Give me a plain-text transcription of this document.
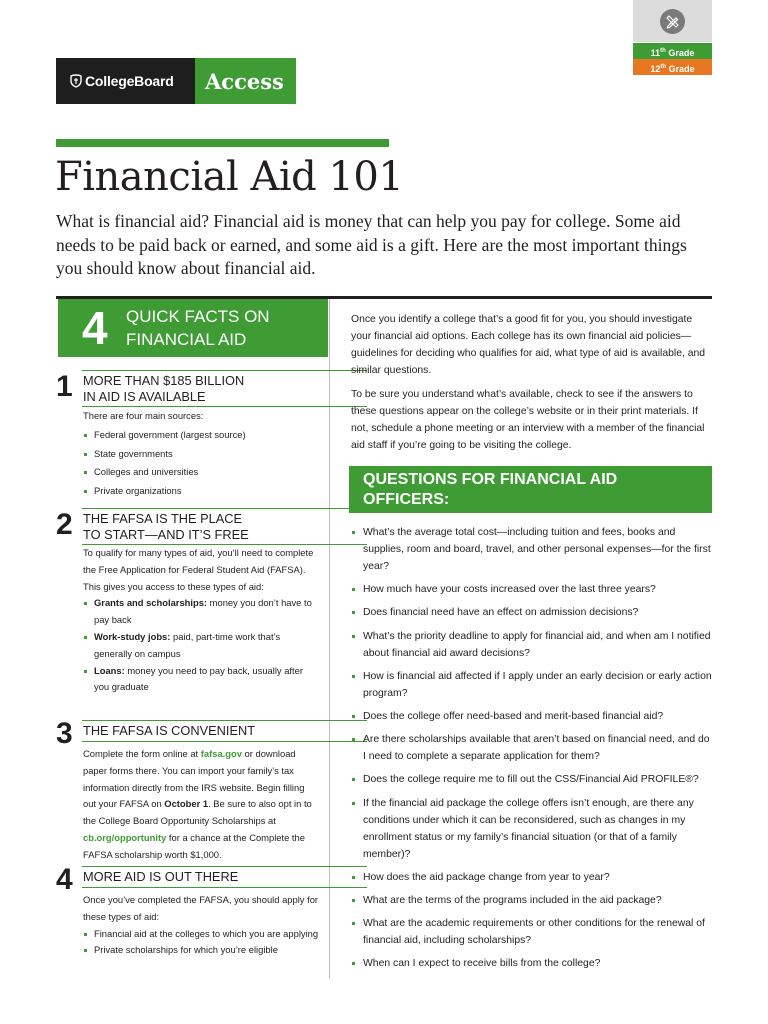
CollegeBoard	Access
11th Grade
12th Grade
Financial Aid 101

What is financial aid? Financial aid is money that can help you pay for college. Some aid needs to be paid back or earned, and some aid is a gift. Here are the most important things you should know about financial aid.

4	QUICK FACTS ON
FINANCIAL AID
1 MORE THAN $185 BILLION
IN AID IS AVAILABLE
There are four main sources:
Federal government (largest source)
State governments
Colleges and universities
Private organizations
2 THE FAFSA IS THE PLACE
TO START—AND IT’S FREE
To qualify for many types of aid, you’ll need to complete the Free Application for Federal Student Aid (FAFSA). This gives you access to these types of aid:
Grants and scholarships: money you don’t have to pay back
Work-study jobs: paid, part-time work that’s generally on campus
Loans: money you need to pay back, usually after you graduate
3 THE FAFSA IS CONVENIENT
Complete the form online at fafsa.gov or download paper forms there. You can import your family’s tax information directly from the IRS website. Begin filling out your FAFSA on October 1. Be sure to also opt in to the College Board Opportunity Scholarships at cb.org/opportunity for a chance at the Complete the FAFSA scholarship worth $1,000.
4 MORE AID IS OUT THERE
Once you’ve completed the FAFSA, you should apply for these types of aid:
Financial aid at the colleges to which you are applying
Private scholarships for which you’re eligible

Once you identify a college that’s a good fit for you, you should investigate your financial aid options. Each college has its own financial aid policies—guidelines for deciding who qualifies for aid, what type of aid is available, and similar questions.

To be sure you understand what’s available, check to see if the answers to these questions appear on the college’s website or in their print materials. If not, schedule a phone meeting or an interview with a member of the financial aid staff if you’re going to be visiting the college.

QUESTIONS FOR FINANCIAL AID
OFFICERS:
What’s the average total cost—including tuition and fees, books and supplies, room and board, travel, and other personal expenses—for the first year?
How much have your costs increased over the last three years?
Does financial need have an effect on admission decisions?
What’s the priority deadline to apply for financial aid, and when am I notified about financial aid award decisions?
How is financial aid affected if I apply under an early decision or early action program?
Does the college offer need-based and merit-based financial aid?
Are there scholarships available that aren’t based on financial need, and do I need to complete a separate application for them?
Does the college require me to fill out the CSS/Financial Aid PROFILE®?
If the financial aid package the college offers isn’t enough, are there any conditions under which it can be reconsidered, such as changes in my enrollment status or my family’s financial situation (or that of a family member)?
How does the aid package change from year to year?
What are the terms of the programs included in the aid package?
What are the academic requirements or other conditions for the renewal of financial aid, including scholarships?
When can I expect to receive bills from the college?
